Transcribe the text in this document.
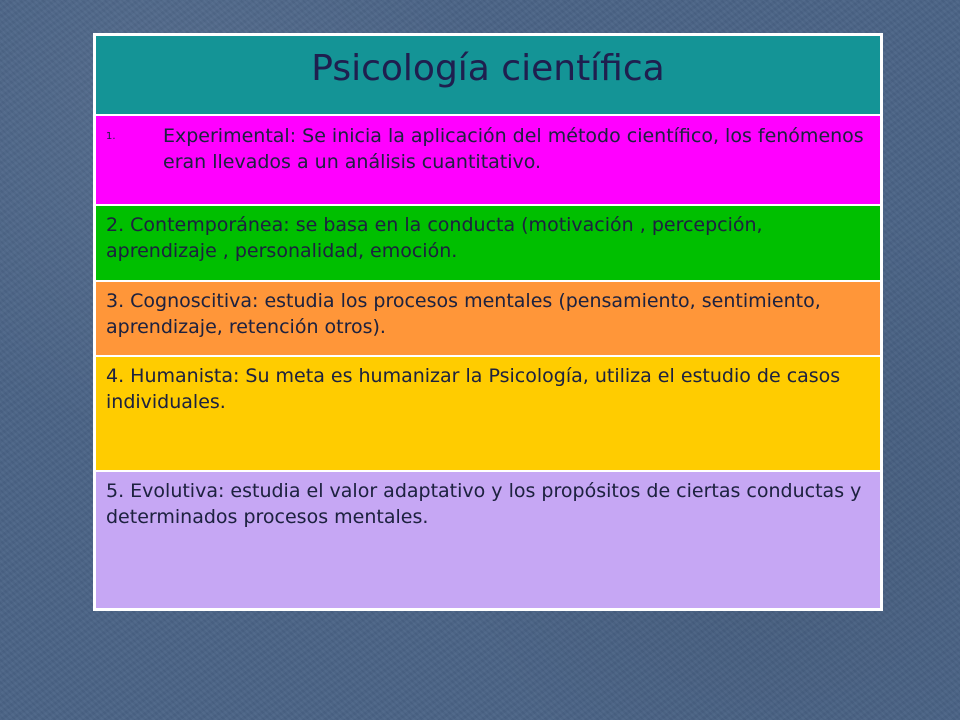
Psicología científica
1.	Experimental: Se inicia la aplicación del método científico, los fenómenos eran llevados a un análisis cuantitativo.
2. Contemporánea: se basa en la conducta (motivación , percepción, aprendizaje , personalidad, emoción.
3. Cognoscitiva: estudia los procesos mentales (pensamiento, sentimiento, aprendizaje, retención otros).
4. Humanista: Su meta es humanizar la Psicología, utiliza el estudio de casos individuales.
5. Evolutiva: estudia el valor adaptativo y los propósitos de ciertas conductas y determinados procesos mentales.
